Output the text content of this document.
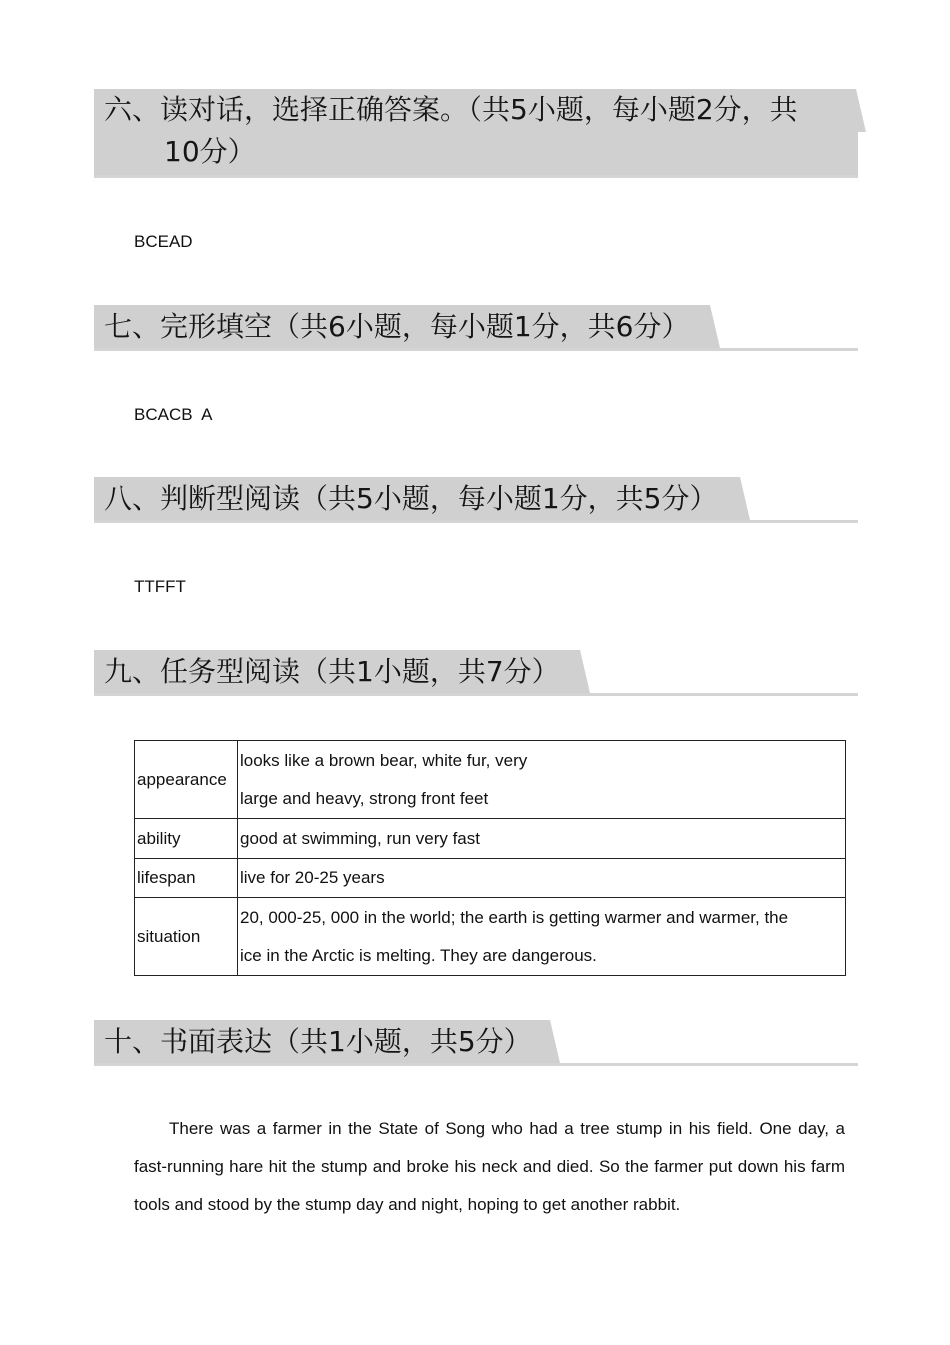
六、读对话，选择正确答案。（共5小题，每小题2分，共
10分）
BCEAD
七、完形填空（共6小题，每小题1分，共6分）
BCACB  A
八、判断型阅读（共5小题，每小题1分，共5分）
TTFFT
九、任务型阅读（共1小题，共7分）
appearance	looks like a brown bear, white fur, very
large and heavy, strong front feet

ability	good at swimming, run very fast

lifespan	live for 20-25 years

situation	20, 000-25, 000 in the world; the earth is getting warmer and warmer, the
ice in the Arctic is melting. They are dangerous.
十、书面表达（共1小题，共5分）

There was a farmer in the State of Song who had a tree stump in his field. One day, a fast-running hare hit the stump and broke his neck and died. So the farmer put down his farm tools and stood by the stump day and night, hoping to get another rabbit.
